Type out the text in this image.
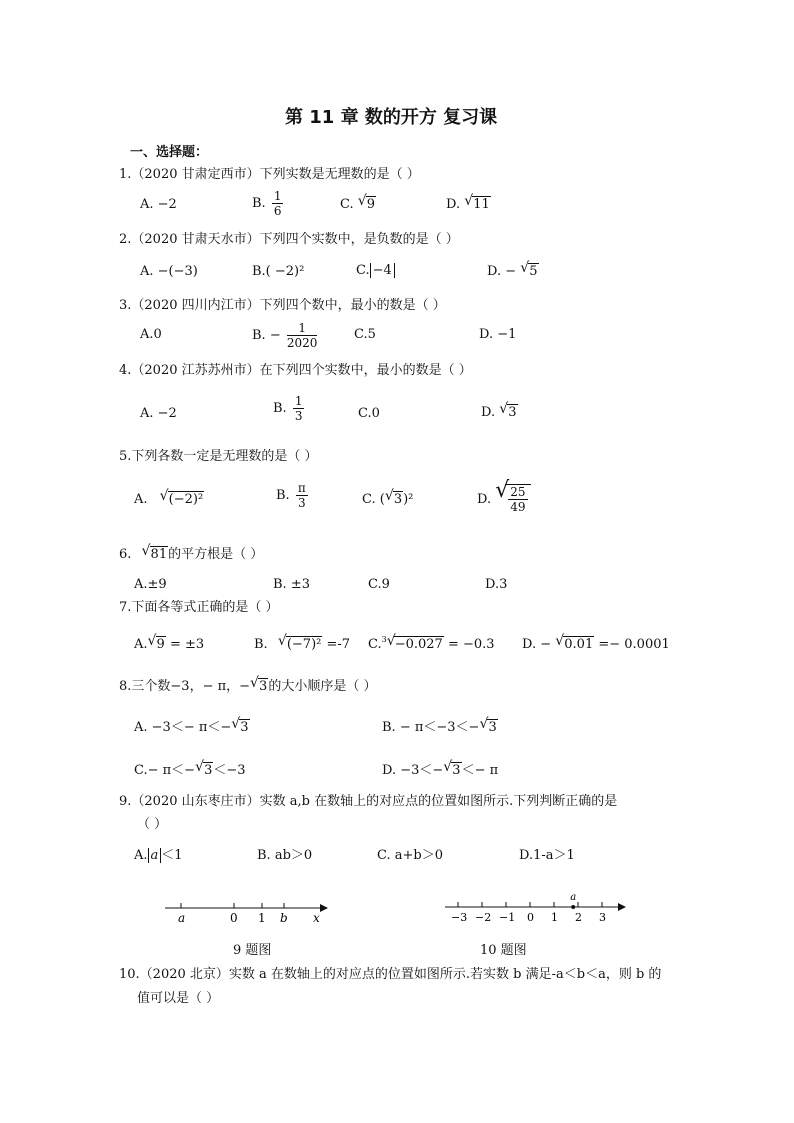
第 11 章 数的开方 复习课
一、选择题：
1.（2020 甘肃定西市）下列实数是无理数的是（ ）
A. −2	B. $\frac{1}{6}$	C. √ 9	D. √ 11
2.（2020 甘肃天水市）下列四个实数中，是负数的是（ ）
A. −(−3)	B.( −2)²	C. −4	D. − √ 5
3.（2020 四川内江市）下列四个数中，最小的数是（ ）
A.0	B. − $\frac{1}{2020}$	C.5	D. −1
4.（2020 江苏苏州市）在下列四个实数中，最小的数是（ ）
A. −2	B. $\frac{1}{3}$	C.0	D. √ 3
5.下列各数一定是无理数的是（ ）
A. √ (−2)²	B. $\frac{\pi}{3}$	C. ( √ 3)²	D. √
$\frac{25}{49}$
6. √ 81的平方根是（ ）
A.±9	B. ±3	C.9	D.3
7.下面各等式正确的是（ ）
A. √ 9 = ±3	B. √ (−7)² =-7 C.$^3$ √ −0.027 = −0.3 D. − √ 0.01 =− 0.0001
8.三个数−3，− π，− √ 3的大小顺序是（ ）
A. −3＜− π＜− √ 3	B. − π＜−3＜− √ 3
C.− π＜− √ 3＜−3	D. −3＜− √ 3＜− π
9.（2020 山东枣庄市）实数 a,b 在数轴上的对应点的位置如图所示.下列判断正确的是
（ ）
A. a ＜1	B. ab＞0	C. a+b＞0	D.1-a＞1
a	0 1 b x
9 题图
−3 −2 −1 0 1 2 3
a
10 题图
10.（2020 北京）实数 a 在数轴上的对应点的位置如图所示.若实数 b 满足-a＜b＜a，则 b 的
值可以是（ ）
